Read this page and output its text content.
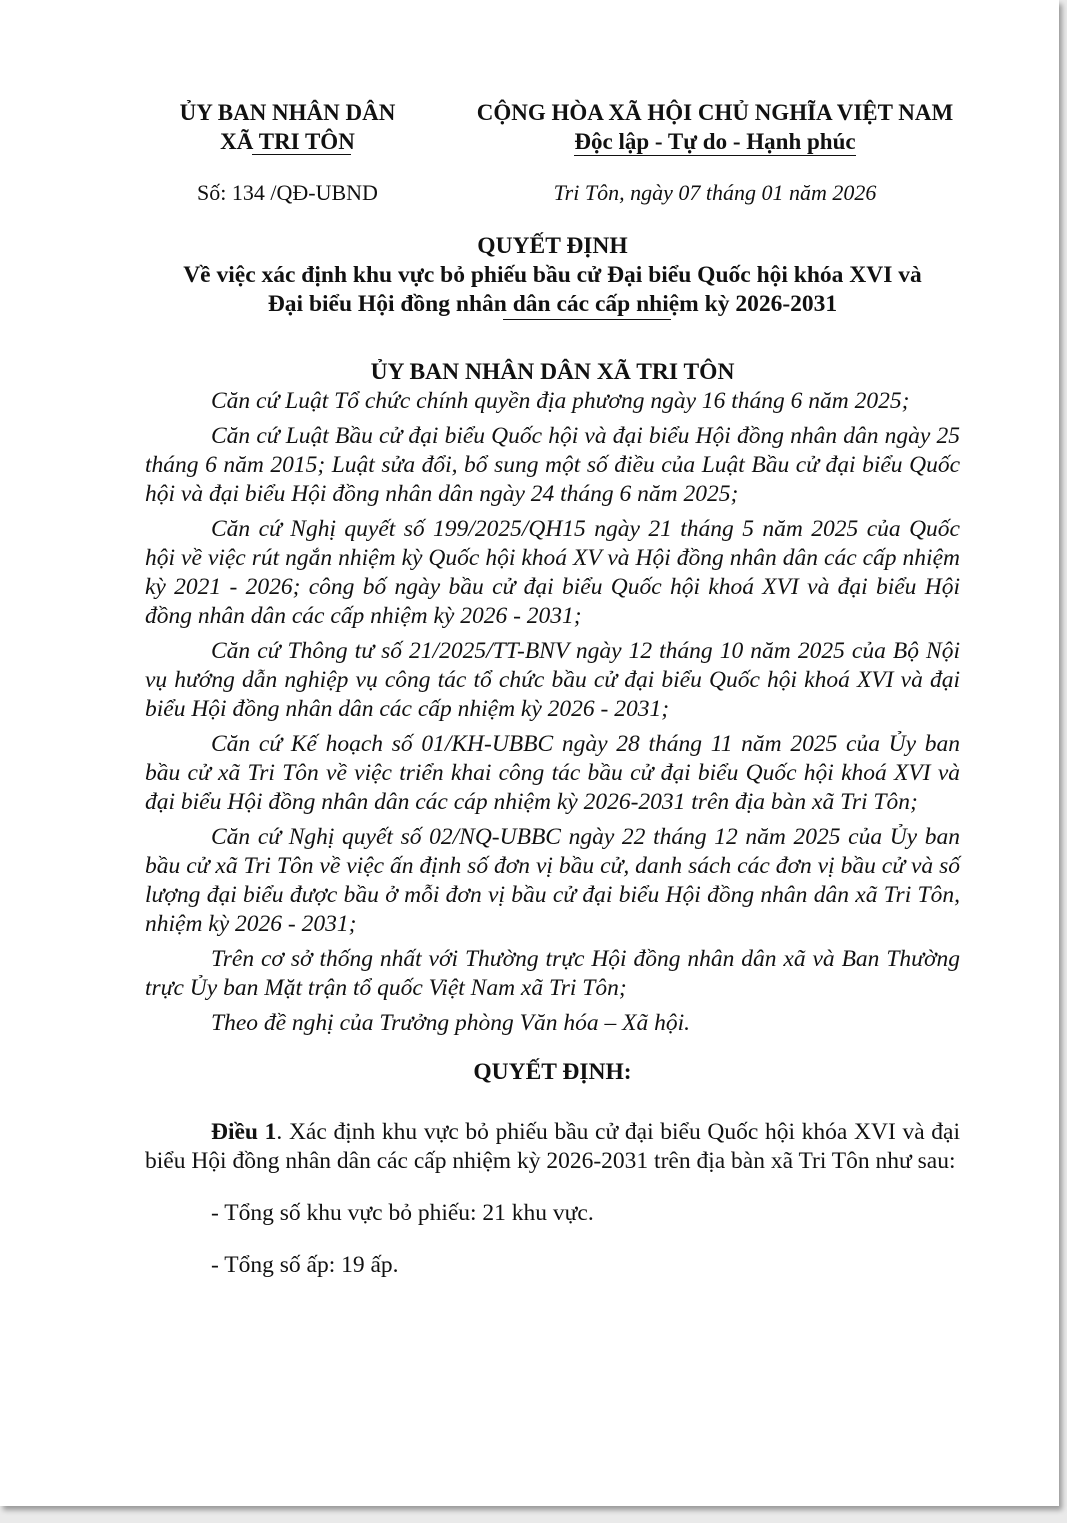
ỦY BAN NHÂN DÂN
XÃ TRI TÔN
CỘNG HÒA XÃ HỘI CHỦ NGHĨA VIỆT NAM
Độc lập - Tự do - Hạnh phúc
Số: 134 /QĐ-UBND	Tri Tôn, ngày 07 tháng 01 năm 2026
QUYẾT ĐỊNH
Về việc xác định khu vực bỏ phiếu bầu cử Đại biểu Quốc hội khóa XVI và
Đại biểu Hội đồng nhân dân các cấp nhiệm kỳ 2026-2031
ỦY BAN NHÂN DÂN XÃ TRI TÔN

Căn cứ Luật Tổ chức chính quyền địa phương ngày 16 tháng 6 năm 2025;

Căn cứ Luật Bầu cử đại biểu Quốc hội và đại biểu Hội đồng nhân dân ngày 25 tháng 6 năm 2015; Luật sửa đổi, bổ sung một số điều của Luật Bầu cử đại biểu Quốc hội và đại biểu Hội đồng nhân dân ngày 24 tháng 6 năm 2025;

Căn cứ Nghị quyết số 199/2025/QH15 ngày 21 tháng 5 năm 2025 của Quốc hội về việc rút ngắn nhiệm kỳ Quốc hội khoá XV và Hội đồng nhân dân các cấp nhiệm kỳ 2021 - 2026; công bố ngày bầu cử đại biểu Quốc hội khoá XVI và đại biểu Hội đồng nhân dân các cấp nhiệm kỳ 2026 - 2031;

Căn cứ Thông tư số 21/2025/TT-BNV ngày 12 tháng 10 năm 2025 của Bộ Nội vụ hướng dẫn nghiệp vụ công tác tổ chức bầu cử đại biểu Quốc hội khoá XVI và đại biểu Hội đồng nhân dân các cấp nhiệm kỳ 2026 - 2031;

Căn cứ Kế hoạch số 01/KH-UBBC ngày 28 tháng 11 năm 2025 của Ủy ban bầu cử xã Tri Tôn về việc triển khai công tác bầu cử đại biểu Quốc hội khoá XVI và đại biểu Hội đồng nhân dân các cáp nhiệm kỳ 2026-2031 trên địa bàn xã Tri Tôn;

Căn cứ Nghị quyết số 02/NQ-UBBC ngày 22 tháng 12 năm 2025 của Ủy ban bầu cử xã Tri Tôn về việc ấn định số đơn vị bầu cử, danh sách các đơn vị bầu cử và số lượng đại biểu được bầu ở mỗi đơn vị bầu cử đại biểu Hội đồng nhân dân xã Tri Tôn, nhiệm kỳ 2026 - 2031;

Trên cơ sở thống nhất với Thường trực Hội đồng nhân dân xã và Ban Thường trực Ủy ban Mặt trận tổ quốc Việt Nam xã Tri Tôn;

Theo đề nghị của Trưởng phòng Văn hóa – Xã hội.

QUYẾT ĐỊNH:

Điều 1. Xác định khu vực bỏ phiếu bầu cử đại biểu Quốc hội khóa XVI và đại biểu Hội đồng nhân dân các cấp nhiệm kỳ 2026-2031 trên địa bàn xã Tri Tôn như sau:

- Tổng số khu vực bỏ phiếu: 21 khu vực.
- Tổng số ấp: 19 ấp.
